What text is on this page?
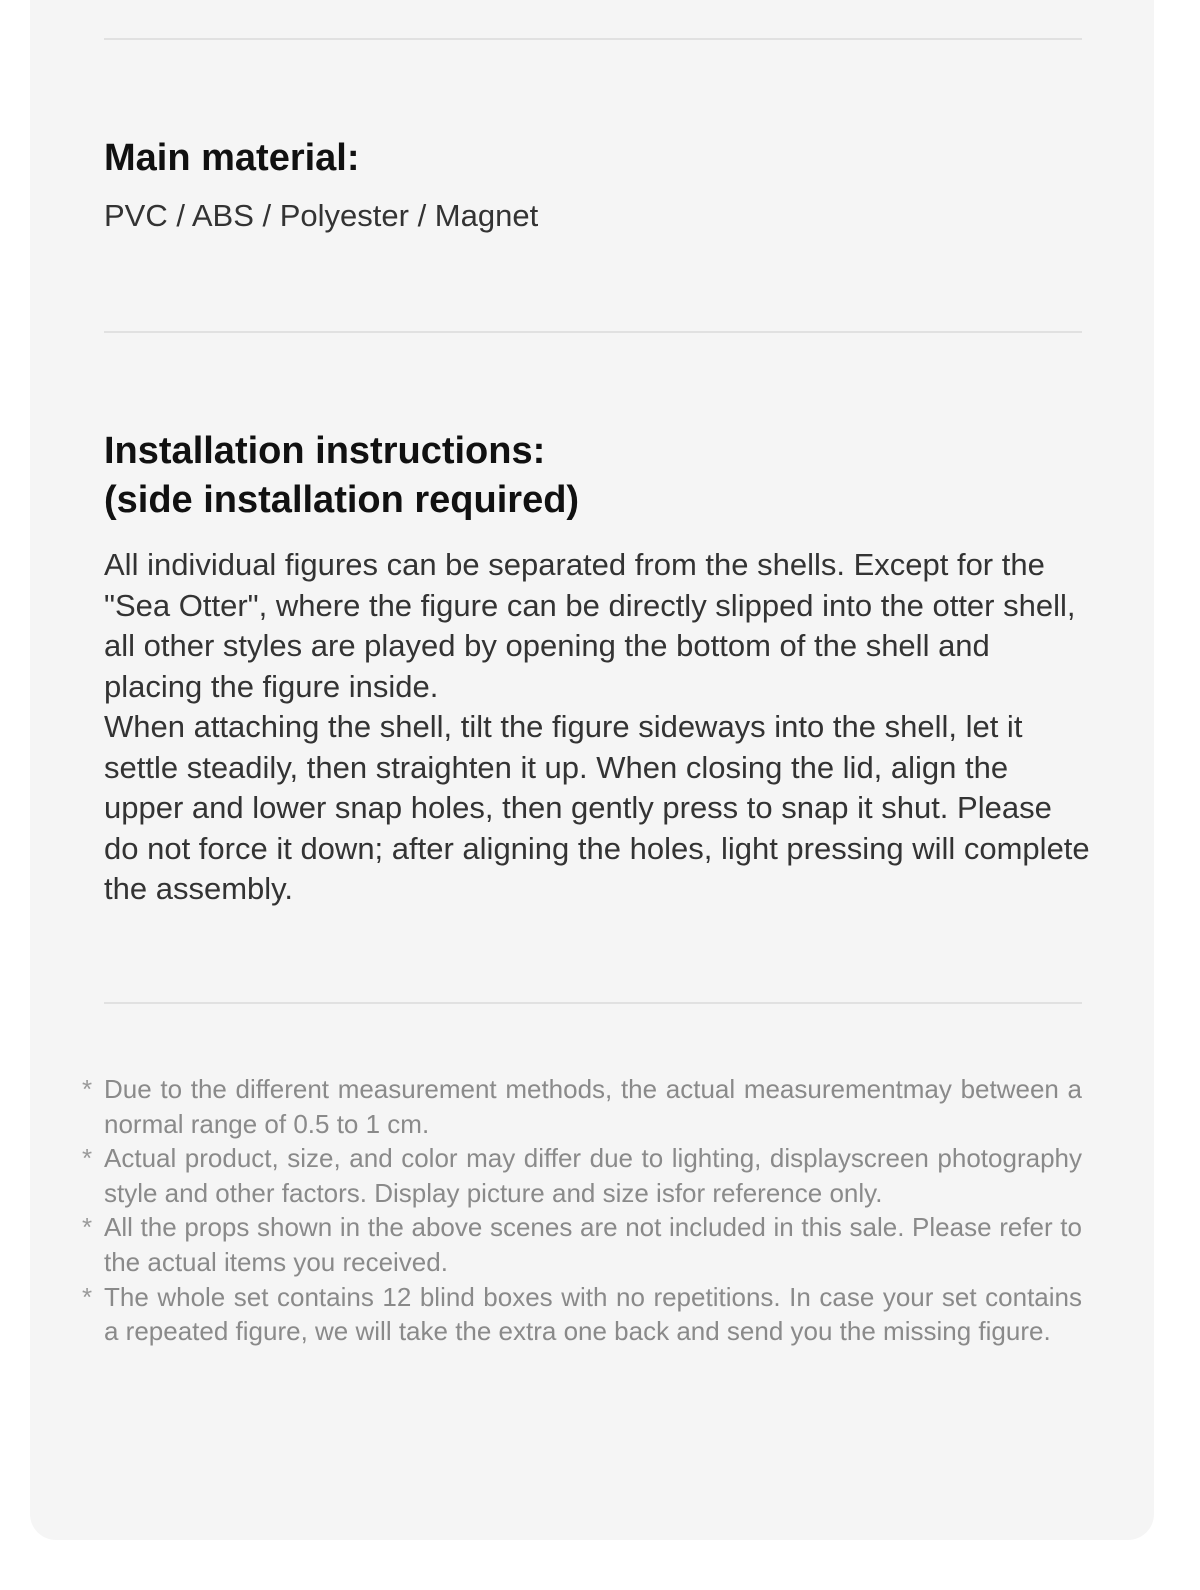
Main material:

PVC / ABS / Polyester / Magnet

Installation instructions:
(side installation required)

All individual figures can be separated from the shells. Except for the "Sea Otter", where the figure can be directly slipped into the otter shell, all other styles are played by opening the bottom of the shell and placing the figure inside.

When attaching the shell, tilt the figure sideways into the shell, let it settle steadily, then straighten it up. When closing the lid, align the upper and lower snap holes, then gently press to snap it shut. Please do not force it down; after aligning the holes, light pressing will complete the assembly.

* Due to the different measurement methods, the actual measurementmay between a normal range of 0.5 to 1 cm.
* Actual product, size, and color may differ due to lighting, displayscreen photography style and other factors. Display picture and size isfor reference only.
* All the props shown in the above scenes are not included in this sale. Please refer to the actual items you received.
* The whole set contains 12 blind boxes with no repetitions. In case your set contains a repeated figure, we will take the extra one back and send you the missing figure.
